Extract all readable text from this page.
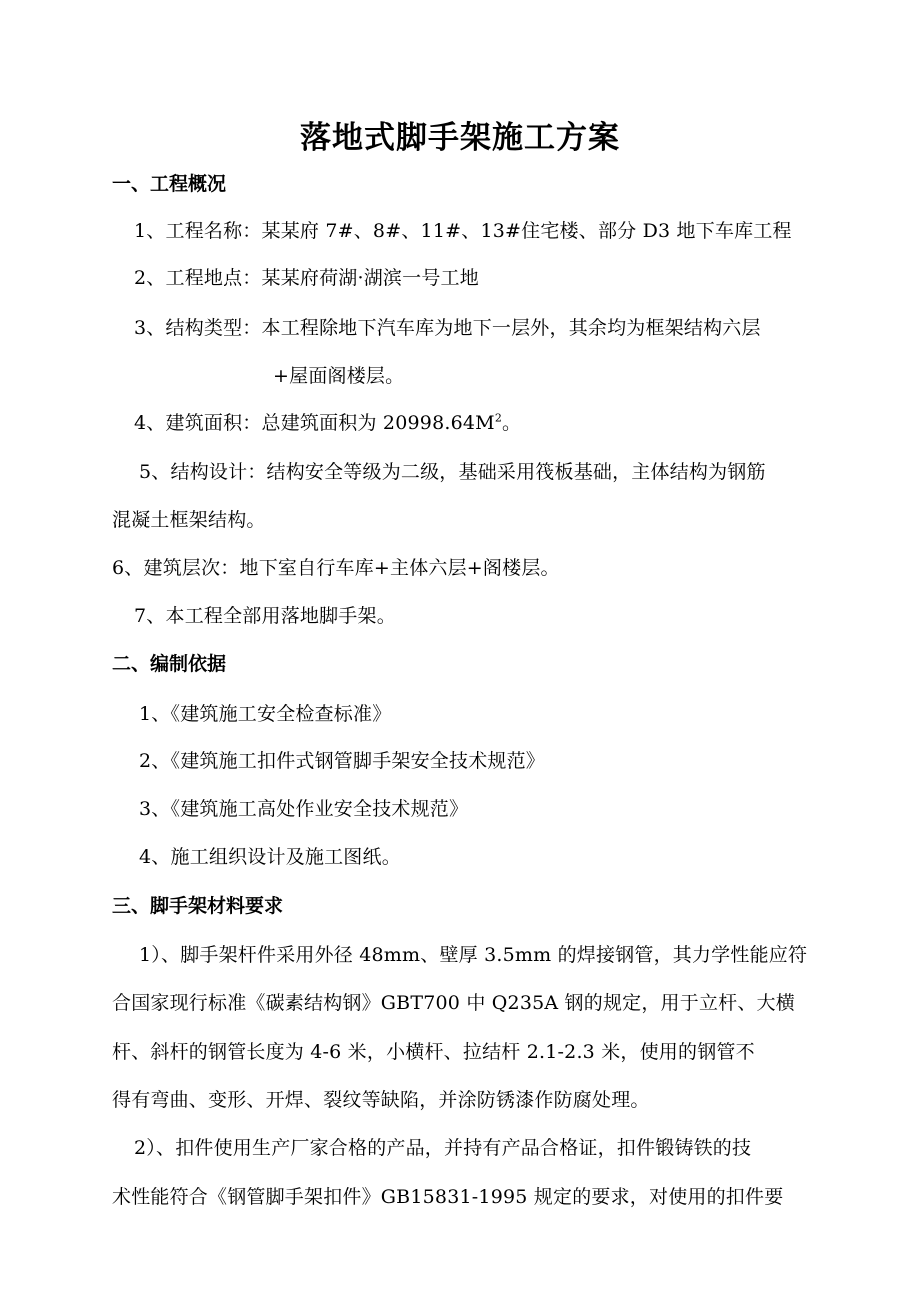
落地式脚手架施工方案
一、工程概况
1、工程名称：某某府 7#、8#、11#、13#住宅楼、部分 D3 地下车库工程
2、工程地点：某某府荷湖·湖滨一号工地
3、结构类型：本工程除地下汽车库为地下一层外，其余均为框架结构六层
+屋面阁楼层。
4、建筑面积：总建筑面积为 $20998.64M^2$。
5、结构设计：结构安全等级为二级，基础采用筏板基础，主体结构为钢筋
混凝土框架结构。
6、建筑层次：地下室自行车库+主体六层+阁楼层。
7、本工程全部用落地脚手架。
二、编制依据
1、《建筑施工安全检查标准》
2、《建筑施工扣件式钢管脚手架安全技术规范》
3、《建筑施工高处作业安全技术规范》
4、施工组织设计及施工图纸。
三、脚手架材料要求
1）、脚手架杆件采用外径 48mm、壁厚 3.5mm 的焊接钢管，其力学性能应符
合国家现行标准《碳素结构钢》GBT700 中 Q235A 钢的规定，用于立杆、大横
杆、斜杆的钢管长度为 4-6 米，小横杆、拉结杆 2.1-2.3 米，使用的钢管不
得有弯曲、变形、开焊、裂纹等缺陷，并涂防锈漆作防腐处理。
2）、扣件使用生产厂家合格的产品，并持有产品合格证，扣件锻铸铁的技
术性能符合《钢管脚手架扣件》GB15831-1995 规定的要求，对使用的扣件要
